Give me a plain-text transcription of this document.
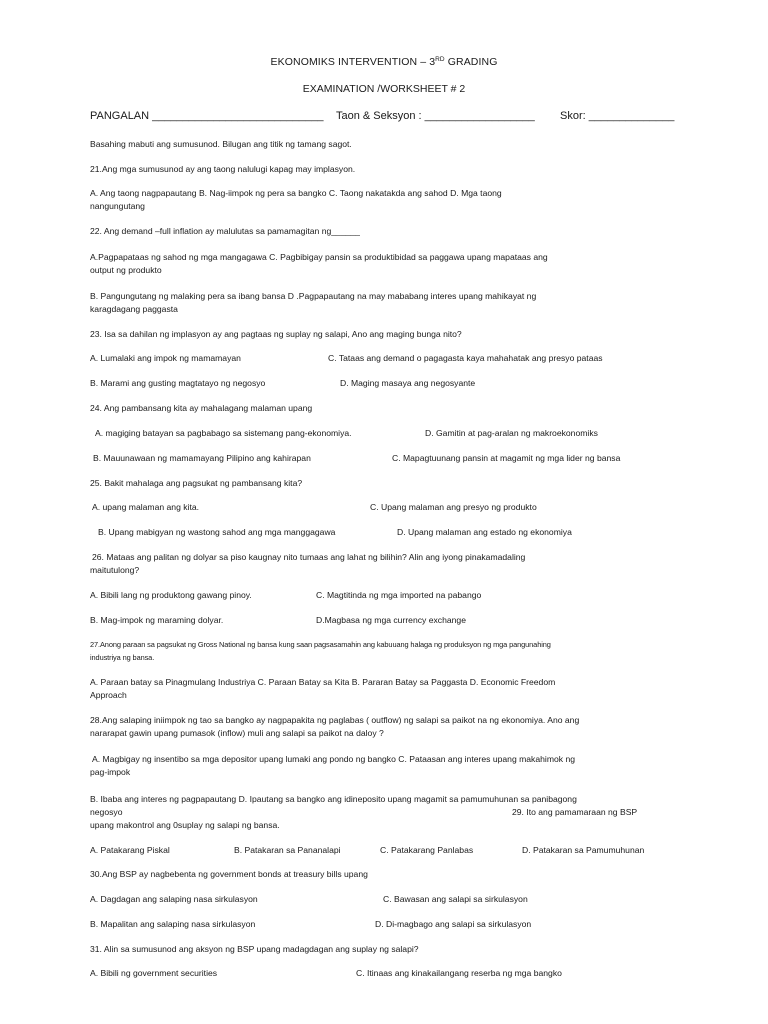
EKONOMIKS INTERVENTION – 3RD GRADING
EXAMINATION /WORKSHEET # 2
PANGALAN ____________________________ Taon & Seksyon : __________________ Skor: ______________
Basahing mabuti ang sumusunod. Bilugan ang titik ng tamang sagot.
21.Ang mga sumusunod ay ang taong nalulugi kapag may implasyon.
A. Ang taong nagpapautang B. Nag-iimpok ng pera sa bangko C. Taong nakatakda ang sahod D. Mga taong
nangungutang
22. Ang demand –full inflation ay malulutas sa pamamagitan ng______
A.Pagpapataas ng sahod ng mga mangagawa C. Pagbibigay pansin sa produktibidad sa paggawa upang mapataas ang
output ng produkto
B. Pangungutang ng malaking pera sa ibang bansa D .Pagpapautang na may mababang interes upang mahikayat ng
karagdagang paggasta
23. Isa sa dahilan ng implasyon ay ang pagtaas ng suplay ng salapi, Ano ang maging bunga nito?
A. Lumalaki ang impok ng mamamayan	C. Tataas ang demand o pagagasta kaya mahahatak ang presyo pataas
B. Marami ang gusting magtatayo ng negosyo	D. Maging masaya ang negosyante
24. Ang pambansang kita ay mahalagang malaman upang
A. magiging batayan sa pagbabago sa sistemang pang-ekonomiya.	D. Gamitin at pag-aralan ng makroekonomiks
B. Mauunawaan ng mamamayang Pilipino ang kahirapan	C. Mapagtuunang pansin at magamit ng mga lider ng bansa
25. Bakit mahalaga ang pagsukat ng pambansang kita?
A. upang malaman ang kita.	C. Upang malaman ang presyo ng produkto
B. Upang mabigyan ng wastong sahod ang mga manggagawa	D. Upang malaman ang estado ng ekonomiya
26. Mataas ang palitan ng dolyar sa piso kaugnay nito tumaas ang lahat ng bilihin? Alin ang iyong pinakamadaling
maitutulong?
A. Bibili lang ng produktong gawang pinoy.	C. Magtitinda ng mga imported na pabango
B. Mag-impok ng maraming dolyar.	D.Magbasa ng mga currency exchange
27.Anong paraan sa pagsukat ng Gross National ng bansa kung saan pagsasamahin ang kabuuang halaga ng produksyon ng mga pangunahing
industriya ng bansa.
A. Paraan batay sa Pinagmulang Industriya C. Paraan Batay sa Kita B. Pararan Batay sa Paggasta D. Economic Freedom
Approach
28.Ang salaping iniimpok ng tao sa bangko ay nagpapakita ng paglabas ( outflow) ng salapi sa paikot na ng ekonomiya. Ano ang
nararapat gawin upang pumasok (inflow) muli ang salapi sa paikot na daloy ?
A. Magbigay ng insentibo sa mga depositor upang lumaki ang pondo ng bangko C. Pataasan ang interes upang makahimok ng
pag-impok
B. Ibaba ang interes ng pagpapautang D. Ipautang sa bangko ang idineposito upang magamit sa pamumuhunan sa panibagong
negosyo	29. Ito ang pamamaraan ng BSP
upang makontrol ang 0suplay ng salapi ng bansa.
A. Patakarang Piskal	B. Patakaran sa Pananalapi	C. Patakarang Panlabas	D. Patakaran sa Pamumuhunan
30.Ang BSP ay nagbebenta ng government bonds at treasury bills upang
A. Dagdagan ang salaping nasa sirkulasyon	C. Bawasan ang salapi sa sirkulasyon
B. Mapalitan ang salaping nasa sirkulasyon	D. Di-magbago ang salapi sa sirkulasyon
31. Alin sa sumusunod ang aksyon ng BSP upang madagdagan ang suplay ng salapi?
A. Bibili ng government securities	C. Itinaas ang kinakailangang reserba ng mga bangko
